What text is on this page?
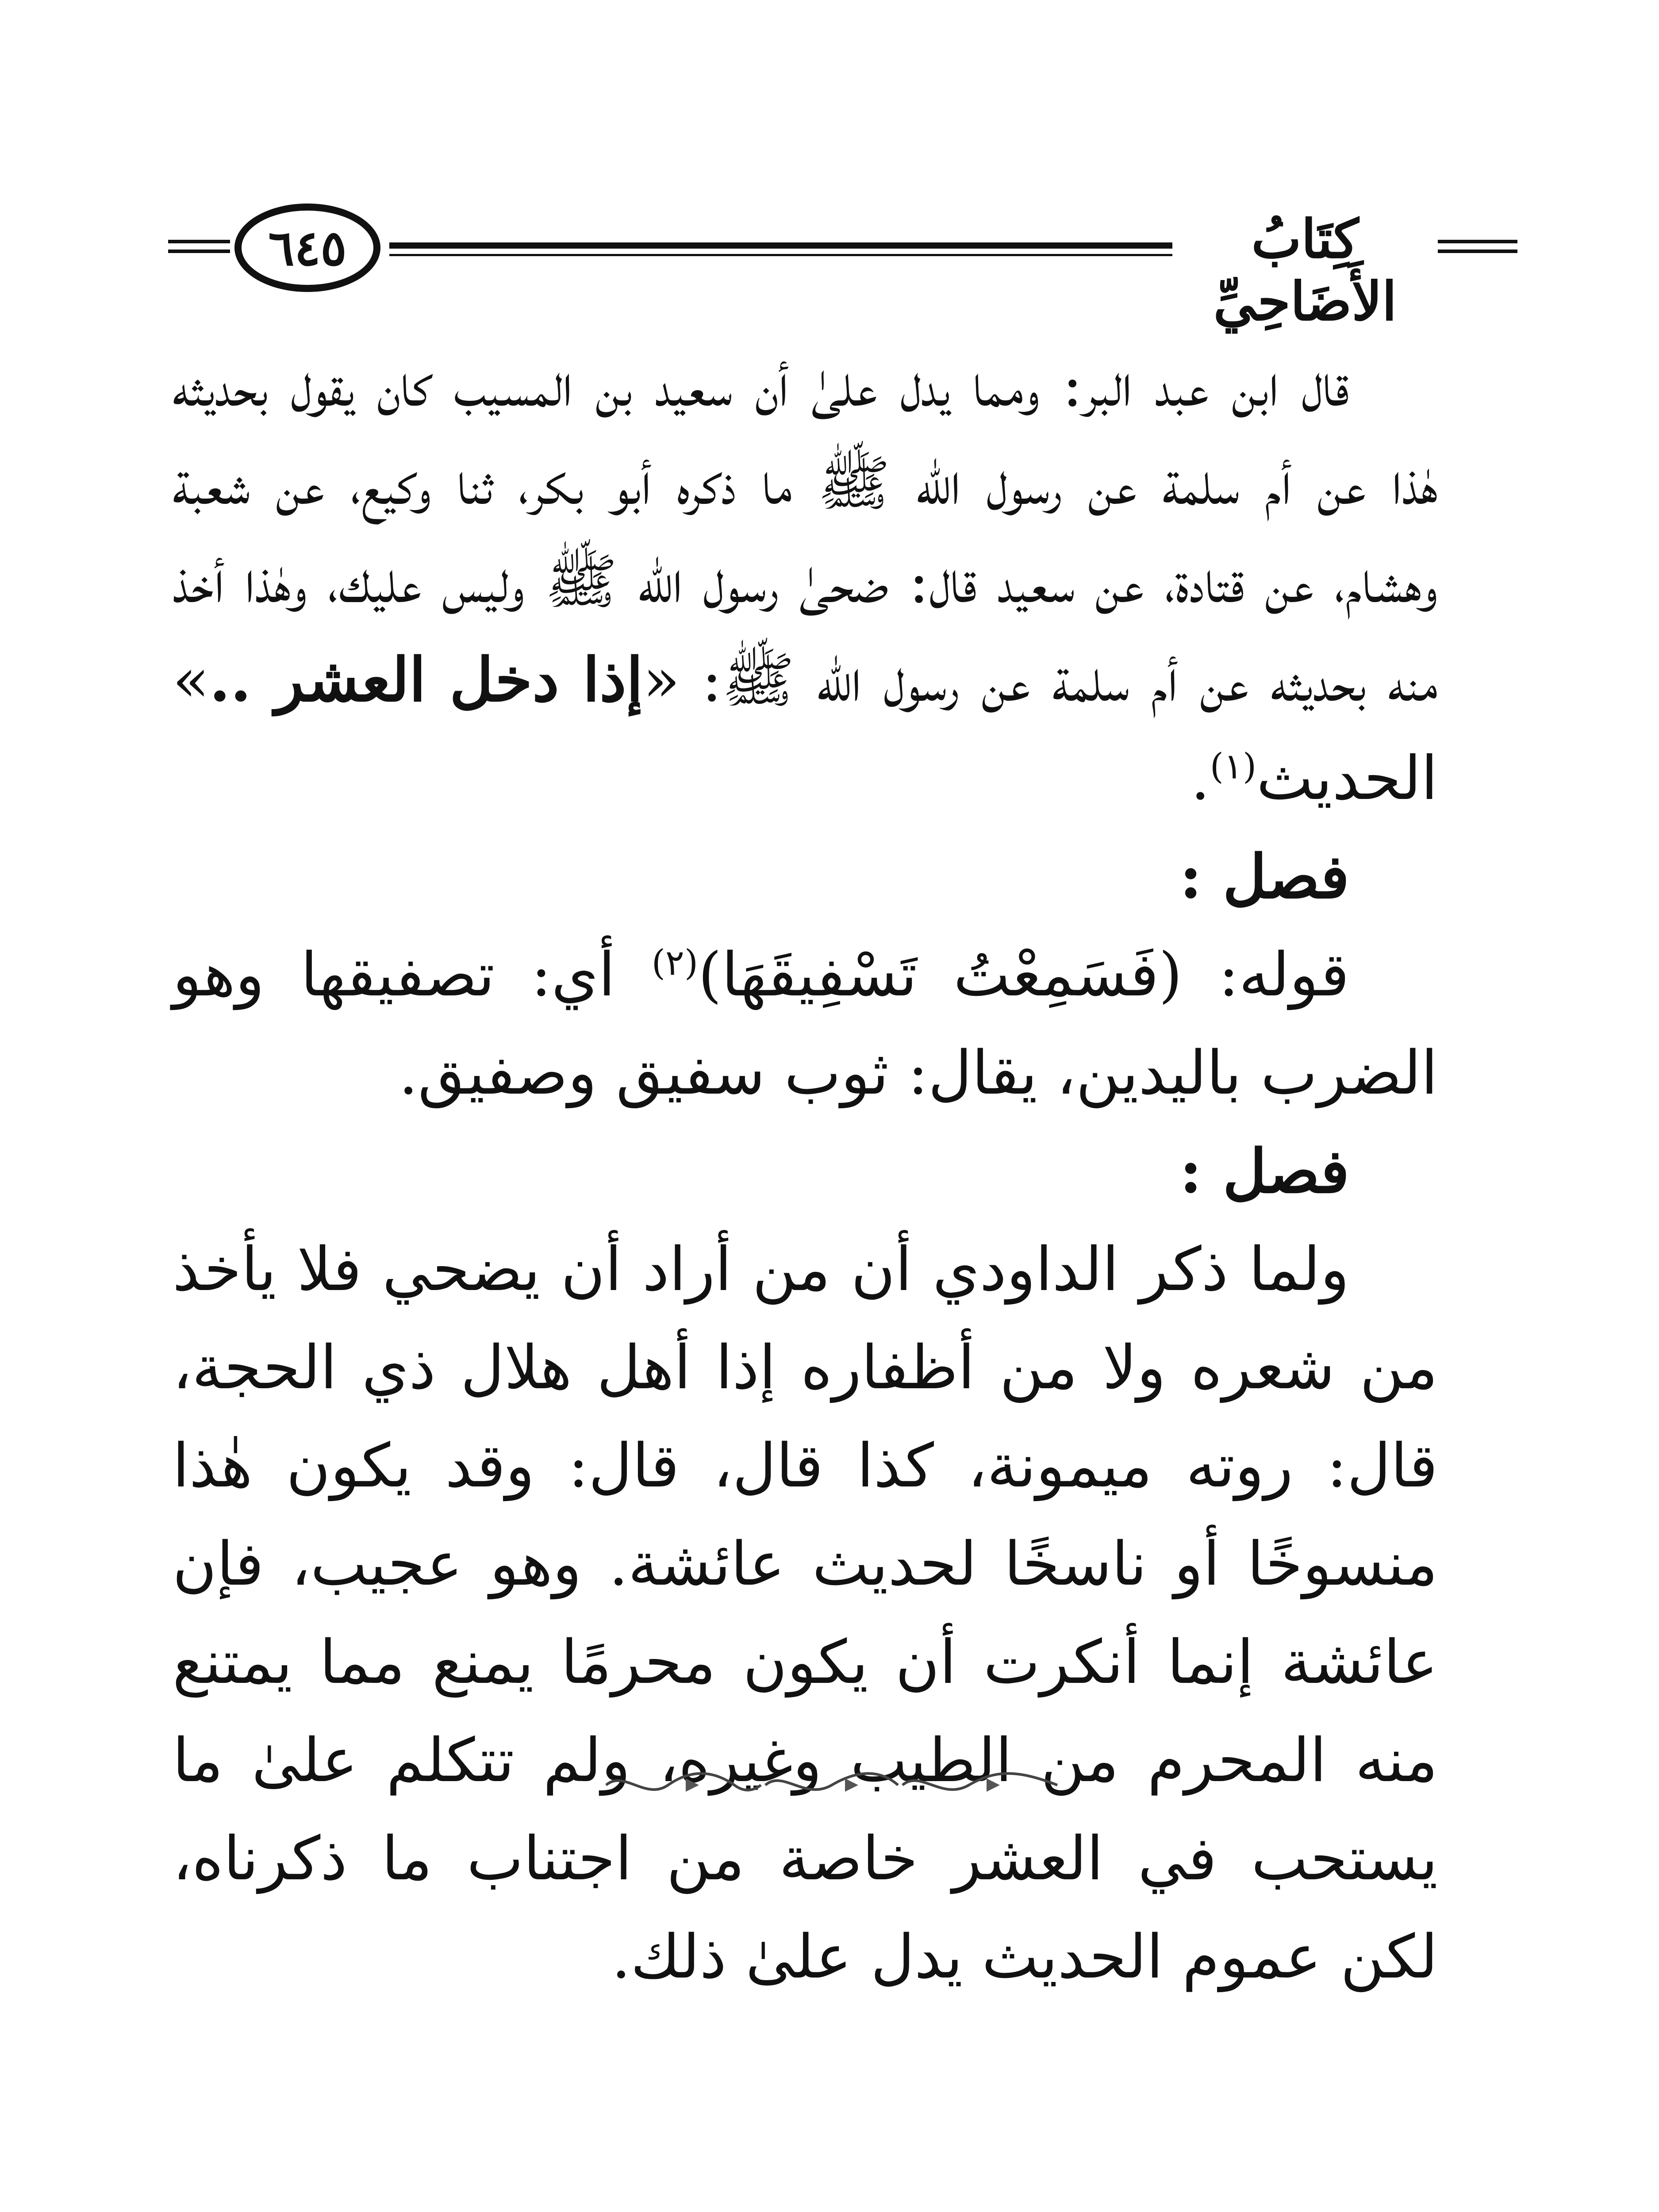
٦٤٥	كِتَابُ الأَضَاحِيِّ

قال ابن عبد البر: ومما يدل علىٰ أن سعيد بن المسيب كان يقول بحديثه هٰذا عن أم سلمة عن رسول الله ﷺ ما ذكره أبو بكر، ثنا وكيع، عن شعبة وهشام، عن قتادة، عن سعيد قال: ضحىٰ رسول الله ﷺ وليس عليك، وهٰذا أخذ منه بحديثه عن أم سلمة عن رسول الله ﷺ: «إذا دخل العشر ..» الحديث$^{(١)}$.

فصل :

قوله: (فَسَمِعْتُ تَسْفِيقَهَا)$^{(٢)}$ أي: تصفيقها وهو الضرب باليدين، يقال: ثوب سفيق وصفيق.

فصل :

ولما ذكر الداودي أن من أراد أن يضحي فلا يأخذ من شعره ولا من أظفاره إذا أهل هلال ذي الحجة، قال: روته ميمونة، كذا قال، قال: وقد يكون هٰذا منسوخًا أو ناسخًا لحديث عائشة. وهو عجيب، فإن عائشة إنما أنكرت أن يكون محرمًا يمنع مما يمتنع منه المحرم من الطيب وغيره، ولم تتكلم علىٰ ما يستحب في العشر خاصة من اجتناب ما ذكرناه، لكن عموم الحديث يدل علىٰ ذلك.
